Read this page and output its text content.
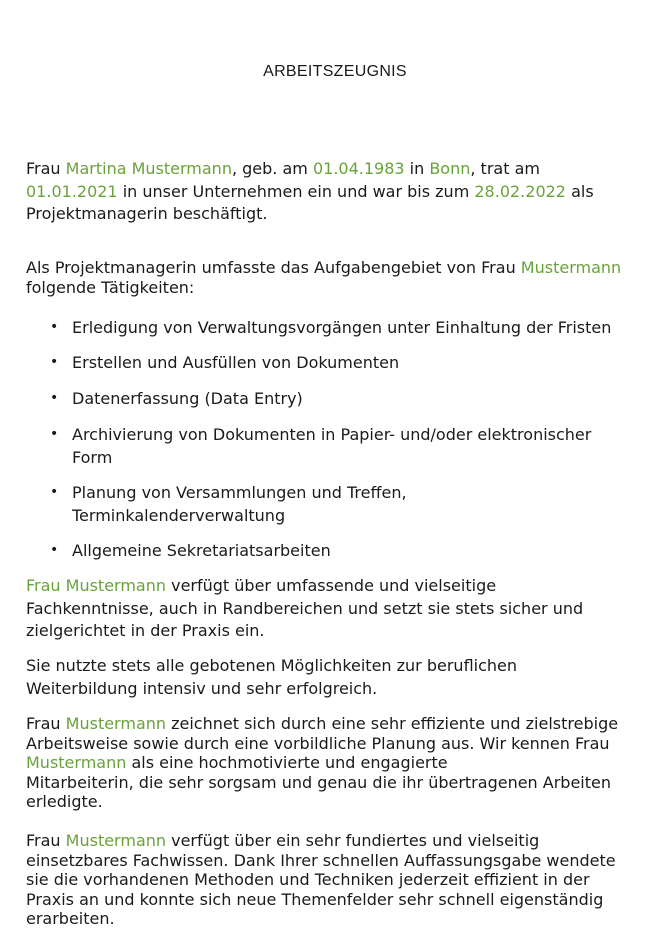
ARBEITSZEUGNIS

Frau Martina Mustermann, geb. am 01.04.1983 in Bonn, trat am
01.01.2021 in unser Unternehmen ein und war bis zum 28.02.2022 als
Projektmanagerin beschäftigt.

Als Projektmanagerin umfasste das Aufgabengebiet von Frau Mustermann
folgende Tätigkeiten:

• Erledigung von Verwaltungsvorgängen unter Einhaltung der Fristen
• Erstellen und Ausfüllen von Dokumenten
• Datenerfassung (Data Entry)
• Archivierung von Dokumenten in Papier- und/oder elektronischer
Form
• Planung von Versammlungen und Treffen,
Terminkalenderverwaltung
• Allgemeine Sekretariatsarbeiten

Frau Mustermann verfügt über umfassende und vielseitige
Fachkenntnisse, auch in Randbereichen und setzt sie stets sicher und
zielgerichtet in der Praxis ein.

Sie nutzte stets alle gebotenen Möglichkeiten zur beruflichen
Weiterbildung intensiv und sehr erfolgreich.

Frau Mustermann zeichnet sich durch eine sehr effiziente und zielstrebige
Arbeitsweise sowie durch eine vorbildliche Planung aus. Wir kennen Frau
Mustermann als eine hochmotivierte und engagierte
Mitarbeiterin, die sehr sorgsam und genau die ihr übertragenen Arbeiten
erledigte.

Frau Mustermann verfügt über ein sehr fundiertes und vielseitig
einsetzbares Fachwissen. Dank Ihrer schnellen Auffassungsgabe wendete
sie die vorhandenen Methoden und Techniken jederzeit effizient in der
Praxis an und konnte sich neue Themenfelder sehr schnell eigenständig
erarbeiten.
